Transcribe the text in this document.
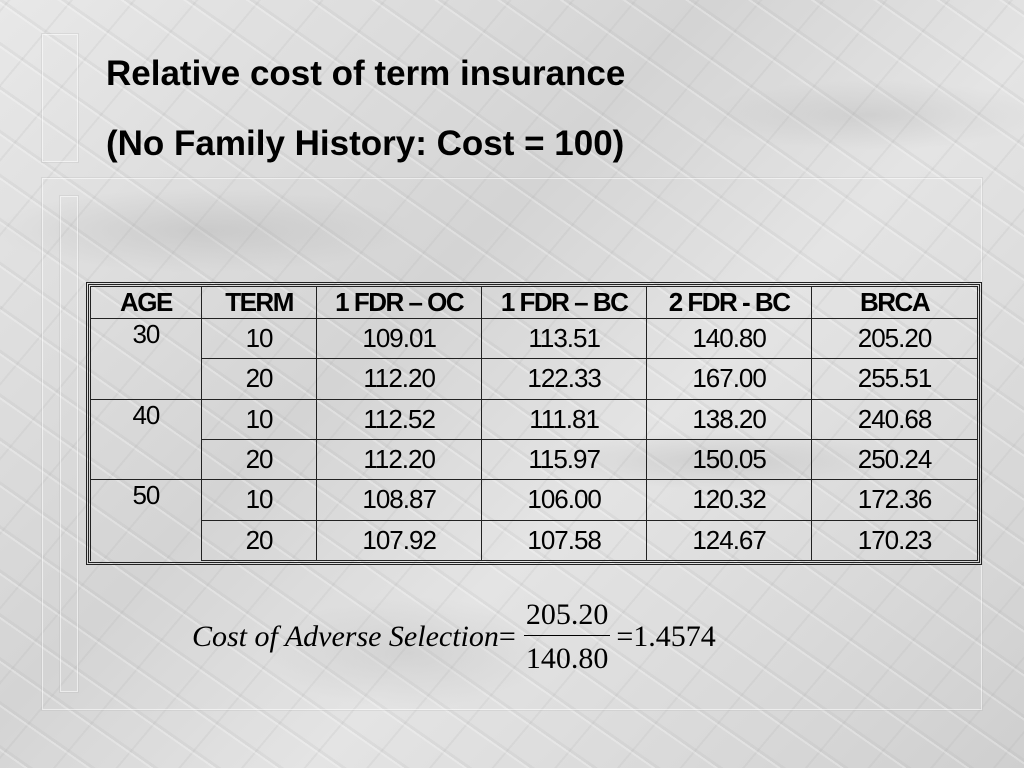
Relative cost of term insurance
(No Family History: Cost = 100)
AGE	TERM	1 FDR – OC	1 FDR – BC	2 FDR - BC	BRCA
30	10	109.01	113.51	140.80	205.20
	20	112.20	122.33	167.00	255.51
40	10	112.52	111.81	138.20	240.68
	20	112.20	115.97	150.05	250.24
50	10	108.87	106.00	120.32	172.36
	20	107.92	107.58	124.67	170.23
Cost of Adverse Selection = $\frac{205.20}{140.80} = 1.4574$
